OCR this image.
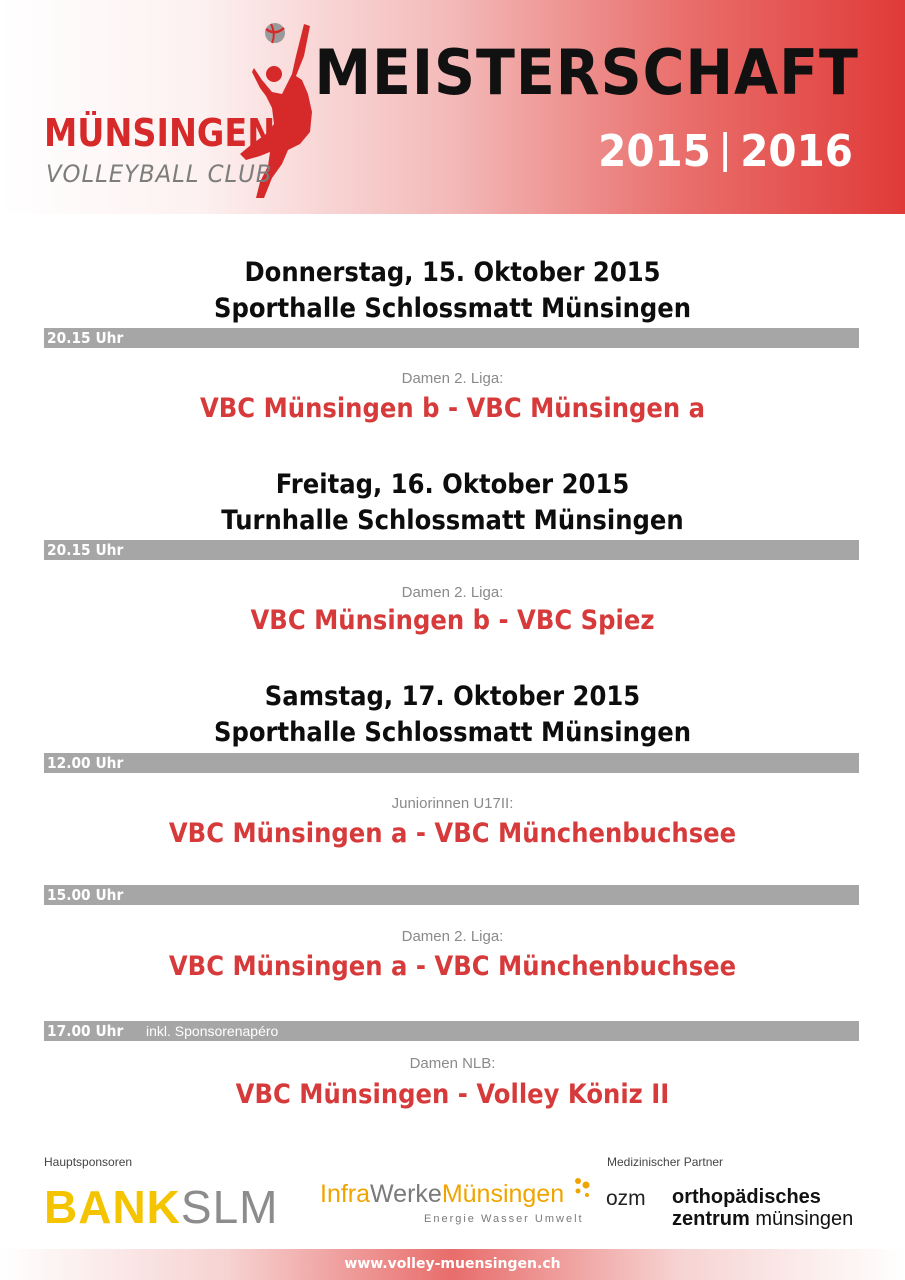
MÜNSINGEN
VOLLEYBALL CLUB
MEISTERSCHAFT
2015 2016
Donnerstag, 15. Oktober 2015
Sporthalle Schlossmatt Münsingen
20.15 Uhr
Damen 2. Liga:
VBC Münsingen b - VBC Münsingen a
Freitag, 16. Oktober 2015
Turnhalle Schlossmatt Münsingen
20.15 Uhr
Damen 2. Liga:
VBC Münsingen b - VBC Spiez
Samstag, 17. Oktober 2015
Sporthalle Schlossmatt Münsingen
12.00 Uhr
Juniorinnen U17II:
VBC Münsingen a - VBC Münchenbuchsee
15.00 Uhr
Damen 2. Liga:
VBC Münsingen a - VBC Münchenbuchsee
17.00 Uhr inkl. Sponsorenapéro
Damen NLB:
VBC Münsingen - Volley Köniz II
Hauptsponsoren	Medizinischer Partner
BANKSLM InfraWerkeMünsingen
Energie Wasser Umwelt
ozm orthopädisches
zentrum münsingen
www.volley-muensingen.ch
